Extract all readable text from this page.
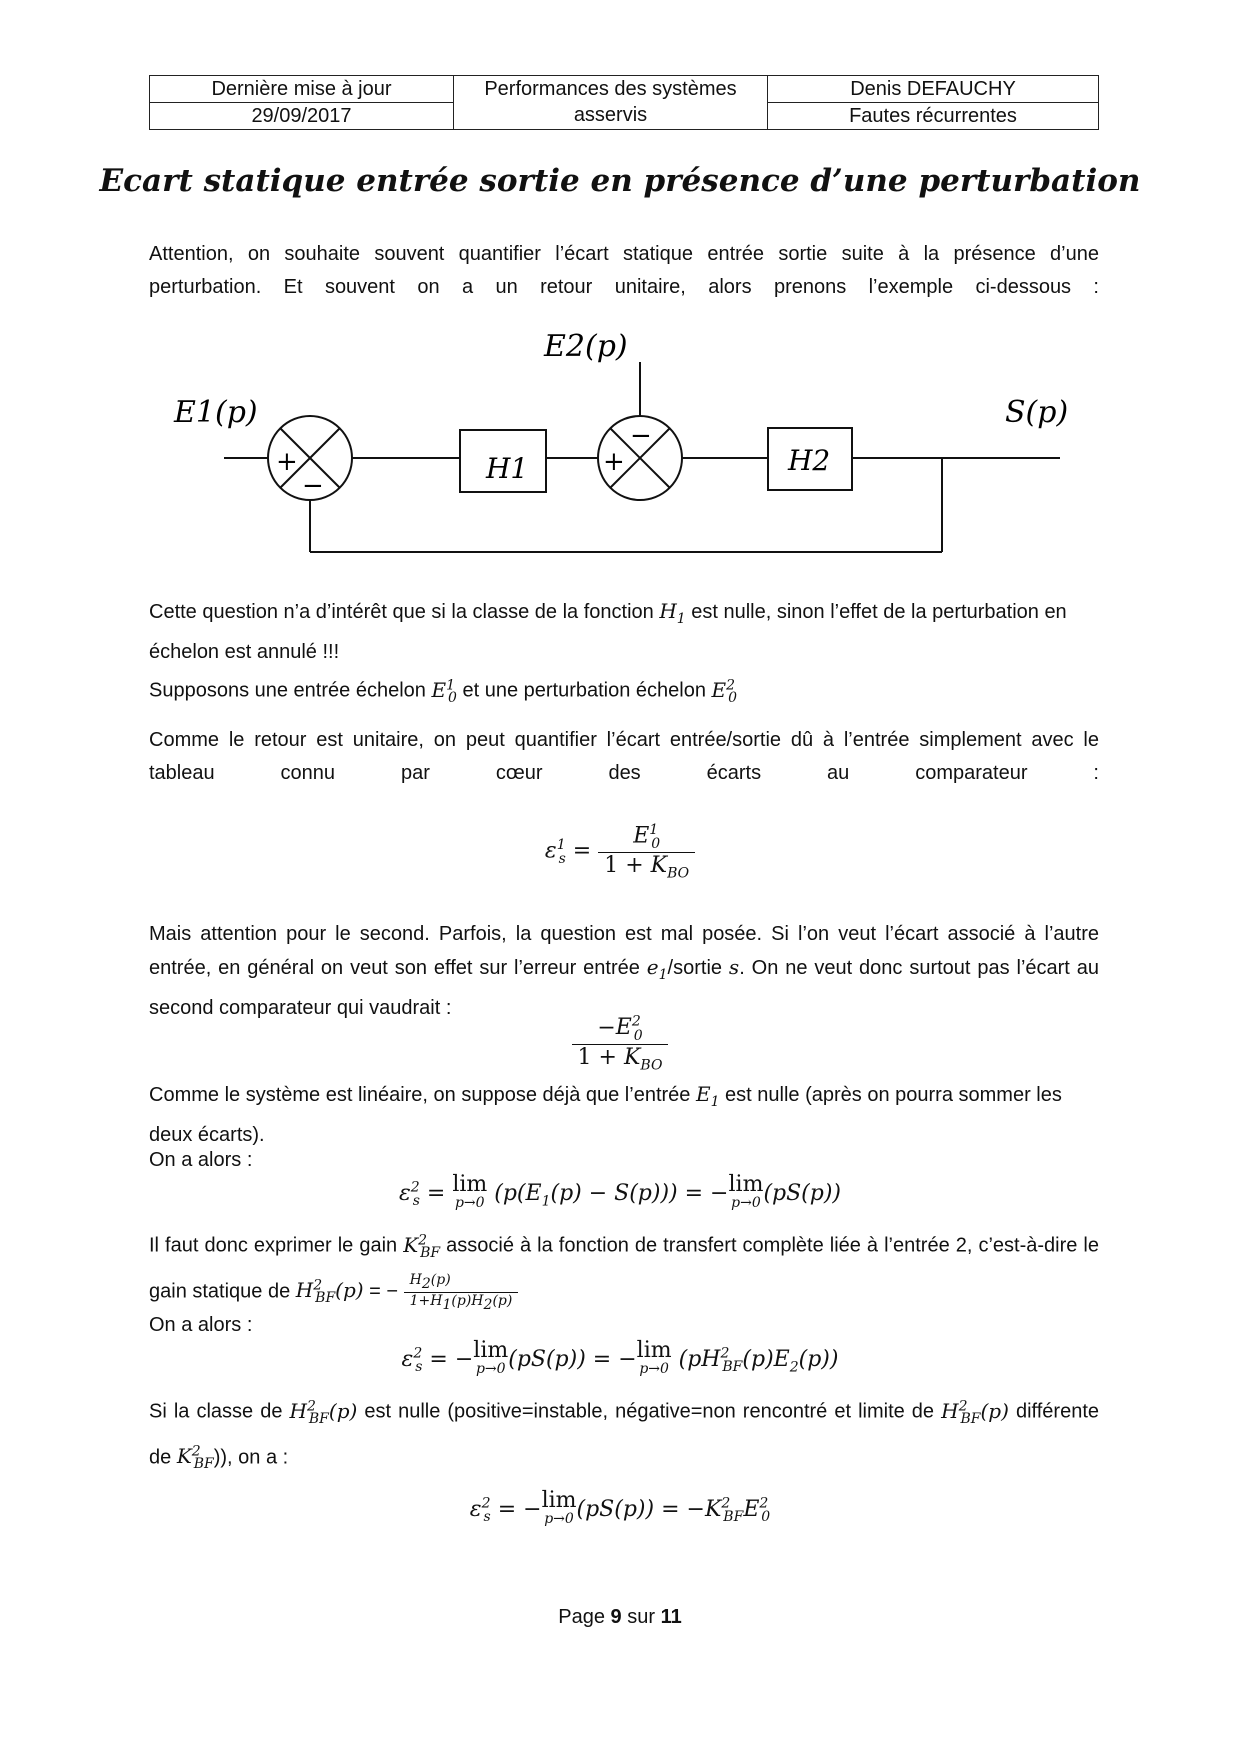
Dernière mise à jour	Performances des systèmes asservis	Denis DEFAUCHY
29/09/2017		Fautes récurrentes
Ecart statique entrée sortie en présence d’une perturbation

Attention, on souhaite souvent quantifier l’écart statique entrée sortie suite à la présence d’une perturbation. Et souvent on a un retour unitaire, alors prenons l’exemple ci-dessous :

E1(p)
E2(p)
S(p)
H1	H2
+
−
−
+
Cette question n’a d’intérêt que si la classe de la fonction $H_1$ est nulle, sinon l’effet de la perturbation en échelon est annulé !!!
Supposons une entrée échelon $E^1_0$ et une perturbation échelon $E^2_0$

Comme le retour est unitaire, on peut quantifier l’écart entrée/sortie dû à l’entrée simplement avec le tableau connu par cœur des écarts au comparateur :

$\varepsilon^1_s = \frac{E^1_0}{1 + K_{BO}}$
Mais attention pour le second. Parfois, la question est mal posée. Si l’on veut l’écart associé à l’autre entrée, en général on veut son effet sur l’erreur entrée $e_1$/sortie s. On ne veut donc surtout pas l’écart au second comparateur qui vaudrait :
$\frac{-E^2_0}{1 + K_{BO}}$
Comme le système est linéaire, on suppose déjà que l’entrée $E_1$ est nulle (après on pourra sommer les deux écarts).

On a alors :

$\varepsilon^2_s = \lim$
p→0 $(p(E_1(p) - S(p))) = -\lim$
p→0 (pS(p))
Il faut donc exprimer le gain $K^2_{BF}$ associé à la fonction de transfert complète liée à l’entrée 2, c’est-à-dire le gain statique de $H^2_{BF}(p)$ = − $\frac{H_2(p)}{1+H_1(p)H_2(p)}$

On a alors :

$\varepsilon^2_s = -\lim$
p→0 (pS(p)) = −lim
p→0 $(pH^2_{BF}(p)E_2(p))$
Si la classe de $H^2_{BF}(p)$ est nulle (positive=instable, négative=non rencontré et limite de $H^2_{BF}(p)$ différente de $K^2_{BF}$)), on a :
$\varepsilon^2_s = -\lim$
p→0 $(pS(p)) = -K^2_{BF}E^2_0$
Page 9 sur 11
